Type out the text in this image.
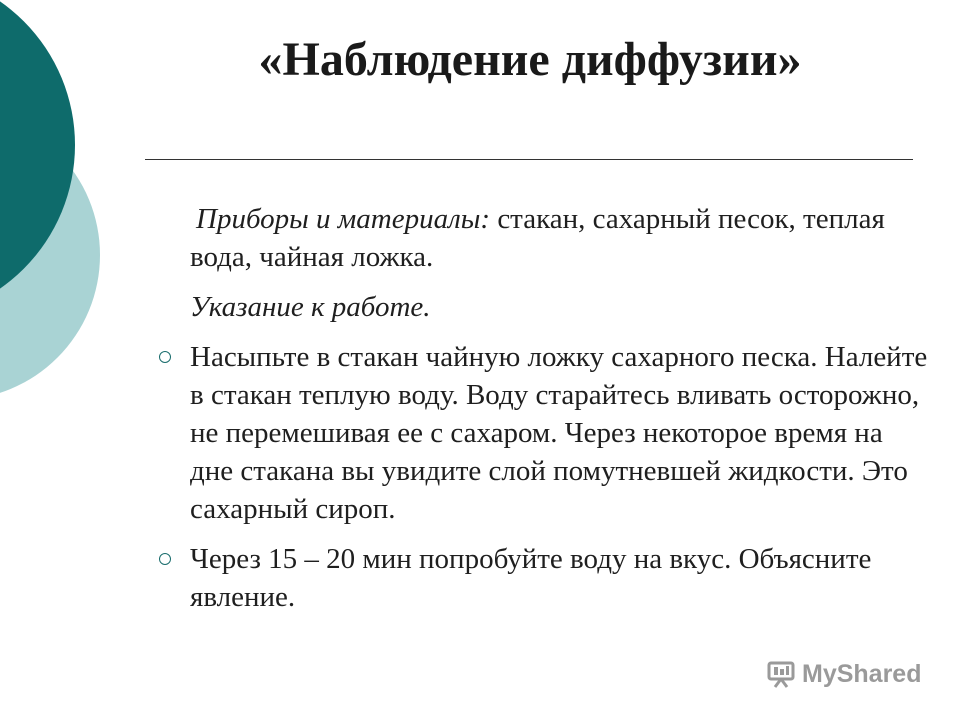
«Наблюдение диффузии»

Приборы и материалы: стакан, сахарный песок, теплая вода, чайная ложка.

Указание к работе.

Насыпьте в стакан чайную ложку сахарного песка. Налейте в стакан теплую воду. Воду старайтесь вливать осторожно, не перемешивая ее с сахаром. Через некоторое время на дне стакана вы увидите слой помутневшей жидкости. Это сахарный сироп.
Через 15 – 20 мин попробуйте воду на вкус. Объясните явление.
MyShared
